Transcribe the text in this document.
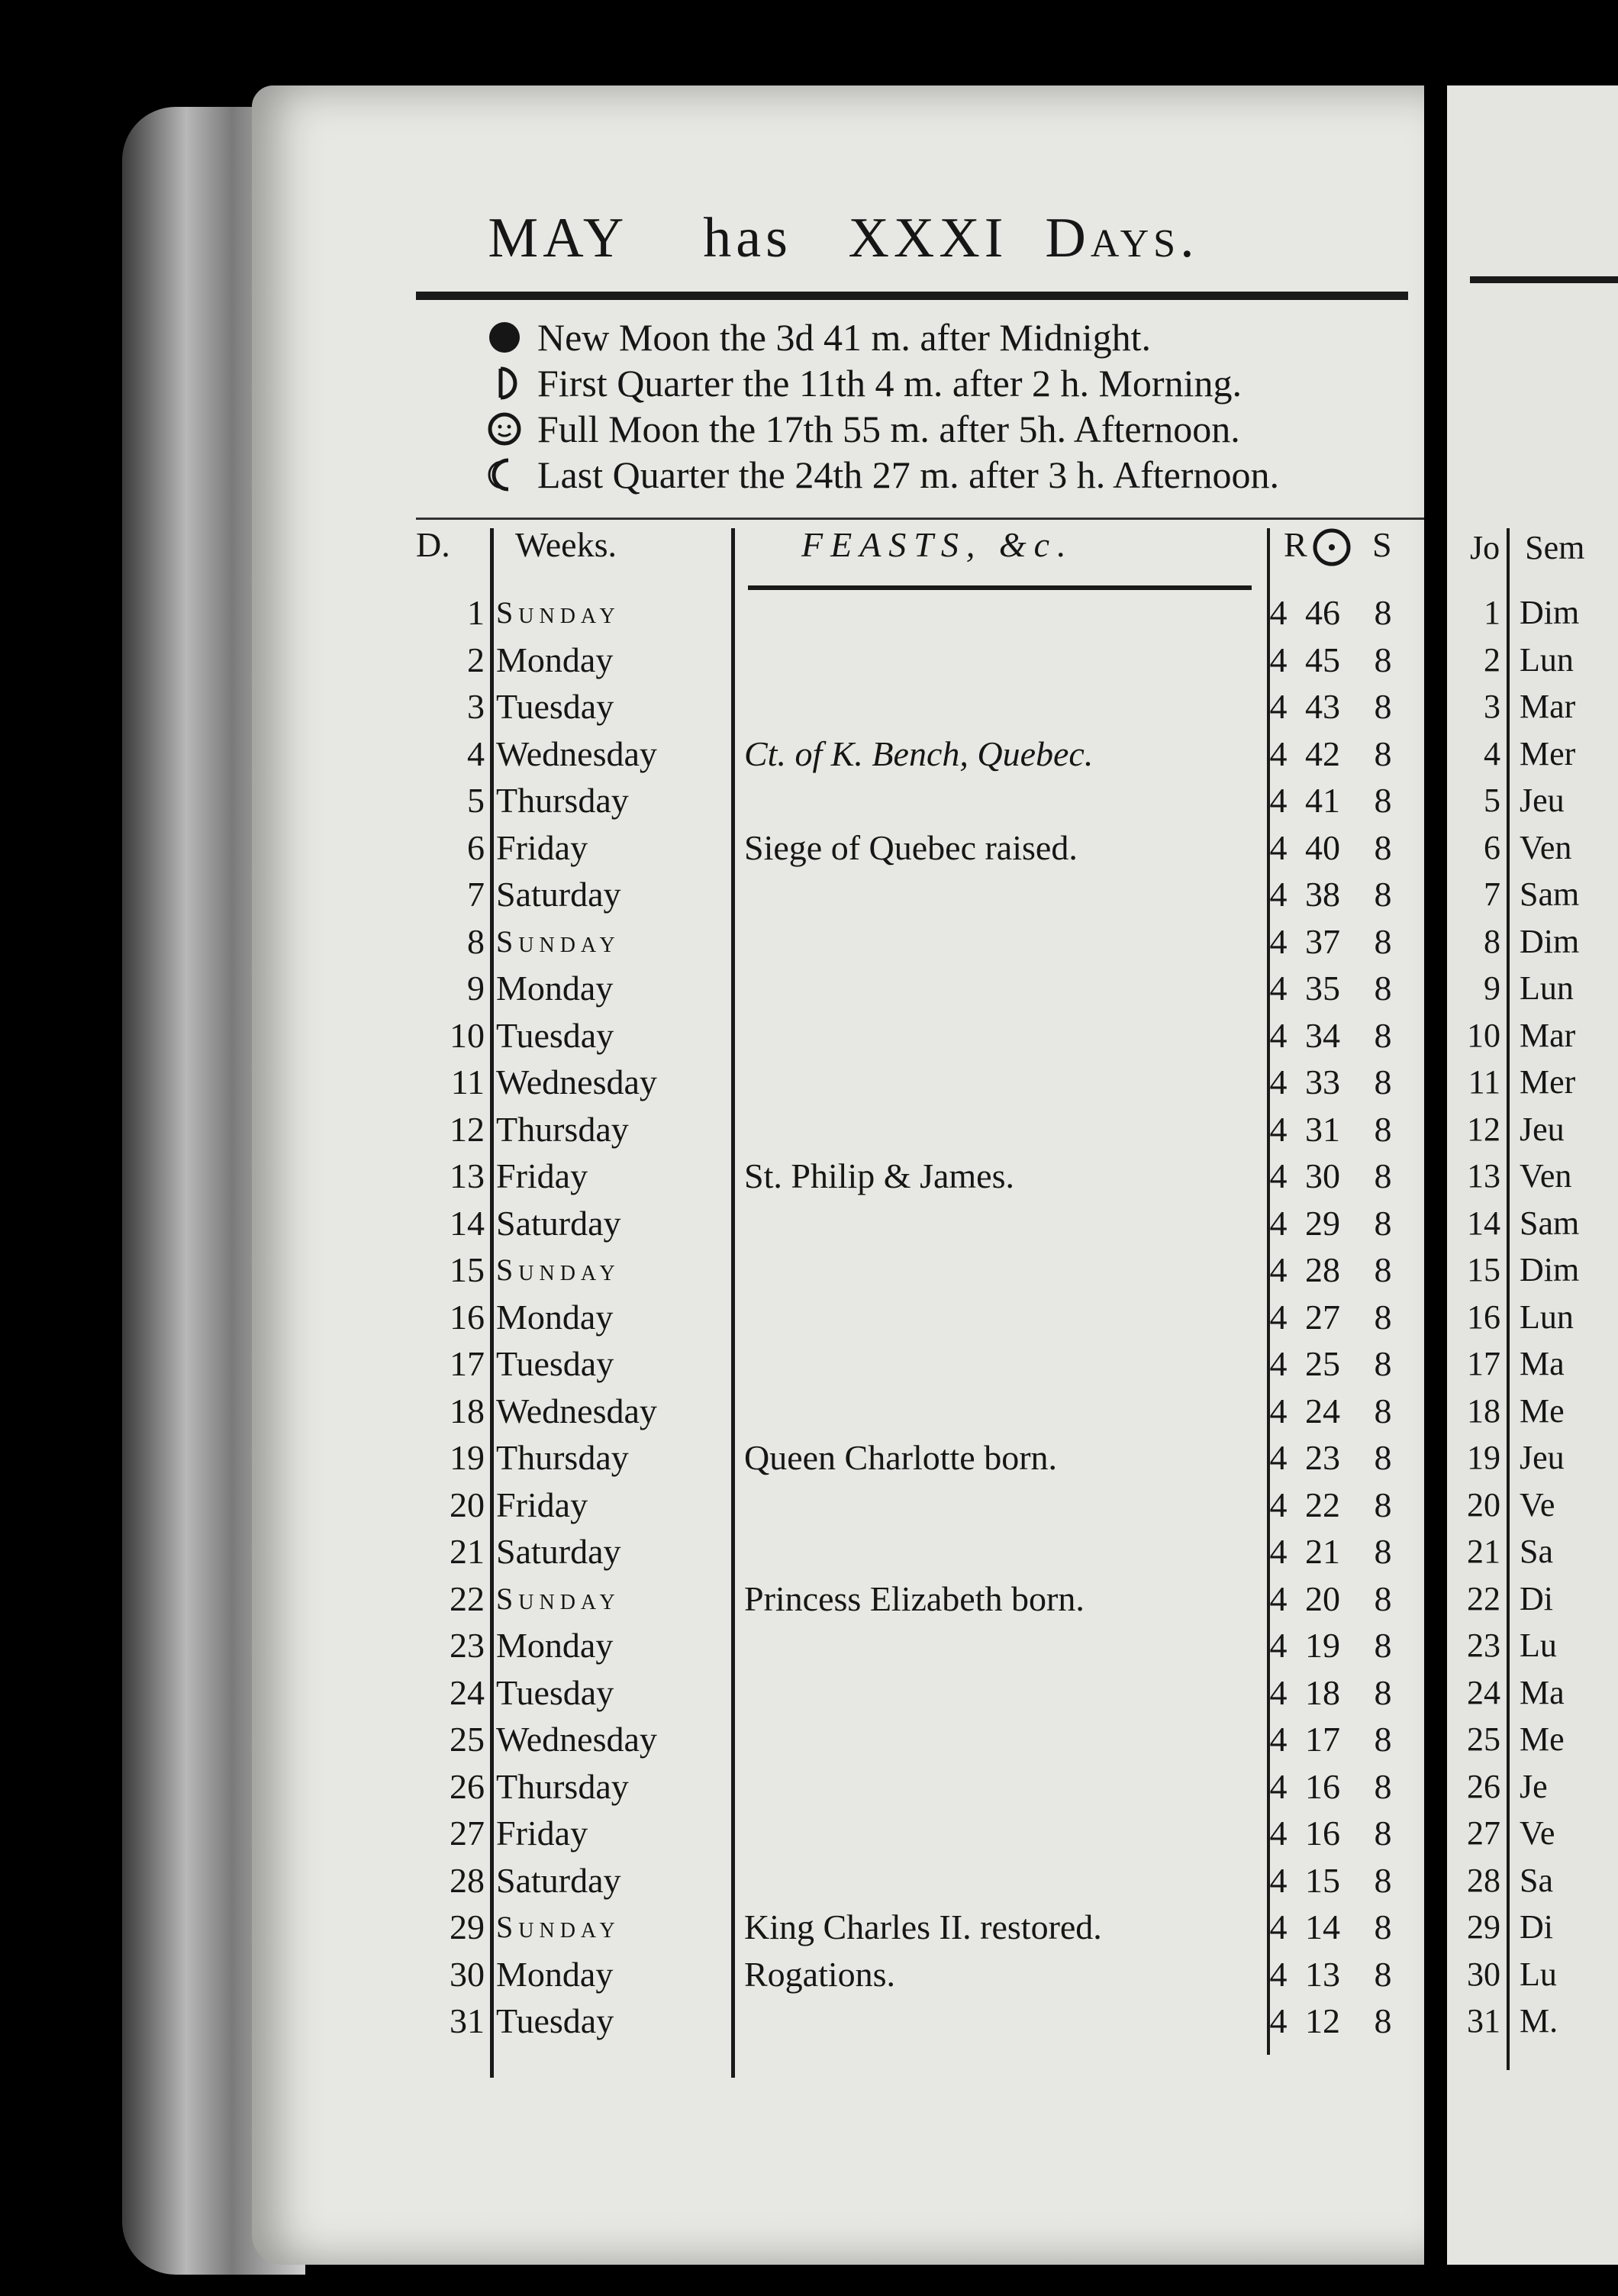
MAY has XXXI Days.
New Moon the 3d 41 m. after Midnight.
First Quarter the 11th 4 m. after 2 h. Morning.
Full Moon the 17th 55 m. after 5h. Afternoon.
Last Quarter the 24th 27 m. after 3 h. Afternoon.
D. Weeks.	FEASTS, &c.	R S
1 Sunday	4 46 8
2 Monday	4 45 8
3 Tuesday	4 43 8
4 Wednesday	Ct. of K. Bench, Quebec.	4 42 8
5 Thursday	4 41 8
6 Friday	Siege of Quebec raised.	4 40 8
7 Saturday	4 38 8
8 Sunday	4 37 8
9 Monday	4 35 8
10 Tuesday	4 34 8
11 Wednesday	4 33 8
12 Thursday	4 31 8
13 Friday	St. Philip & James.	4 30 8
14 Saturday	4 29 8
15 Sunday	4 28 8
16 Monday	4 27 8
17 Tuesday	4 25 8
18 Wednesday	4 24 8
19 Thursday	Queen Charlotte born.	4 23 8
20 Friday	4 22 8
21 Saturday	4 21 8
22 Sunday	Princess Elizabeth born.	4 20 8
23 Monday	4 19 8
24 Tuesday	4 18 8
25 Wednesday	4 17 8
26 Thursday	4 16 8
27 Friday	4 16 8
28 Saturday	4 15 8
29 Sunday	King Charles II. restored.	4 14 8
30 Monday	Rogations.	4 13 8
31 Tuesday	4 12 8
Jo Sem
1 Dim
2 Lun
3 Mar
4 Mer
5 Jeu
6 Ven
7 Sam
8 Dim
9 Lun
10 Mar
11 Mer
12 Jeu
13 Ven
14 Sam
15 Dim
16 Lun
17 Ma
18 Me
19 Jeu
20 Ve
21 Sa
22 Di
23 Lu
24 Ma
25 Me
26 Je
27 Ve
28 Sa
29 Di
30 Lu
31 M.
